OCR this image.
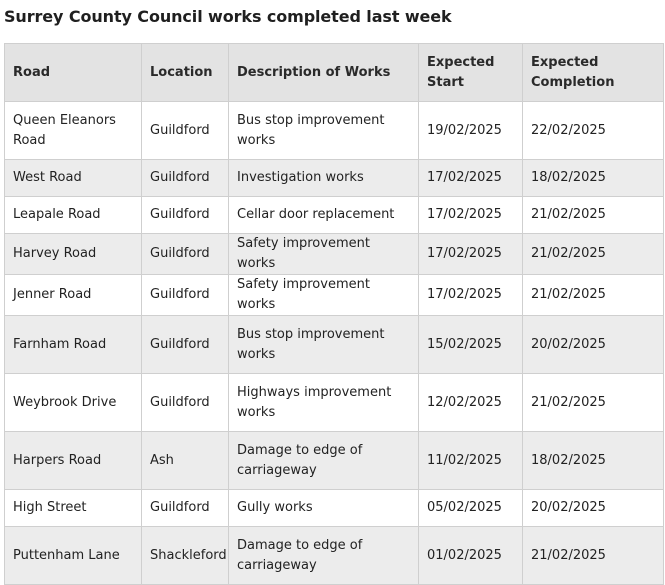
Surrey County Council works completed last week
Road	Location	Description of Works	Expected Start	Expected Completion
Queen Eleanors Road	Guildford	Bus stop improvement works	19/02/2025	22/02/2025
West Road	Guildford	Investigation works	17/02/2025	18/02/2025
Leapale Road	Guildford	Cellar door replacement	17/02/2025	21/02/2025
Harvey Road	Guildford	Safety improvement works	17/02/2025	21/02/2025
Jenner Road	Guildford	Safety improvement works	17/02/2025	21/02/2025
Farnham Road	Guildford	Bus stop improvement works	15/02/2025	20/02/2025
Weybrook Drive	Guildford	Highways improvement works	12/02/2025	21/02/2025
Harpers Road	Ash	Damage to edge of carriageway	11/02/2025	18/02/2025
High Street	Guildford	Gully works	05/02/2025	20/02/2025
Puttenham Lane	Shackleford	Damage to edge of carriageway	01/02/2025	21/02/2025
